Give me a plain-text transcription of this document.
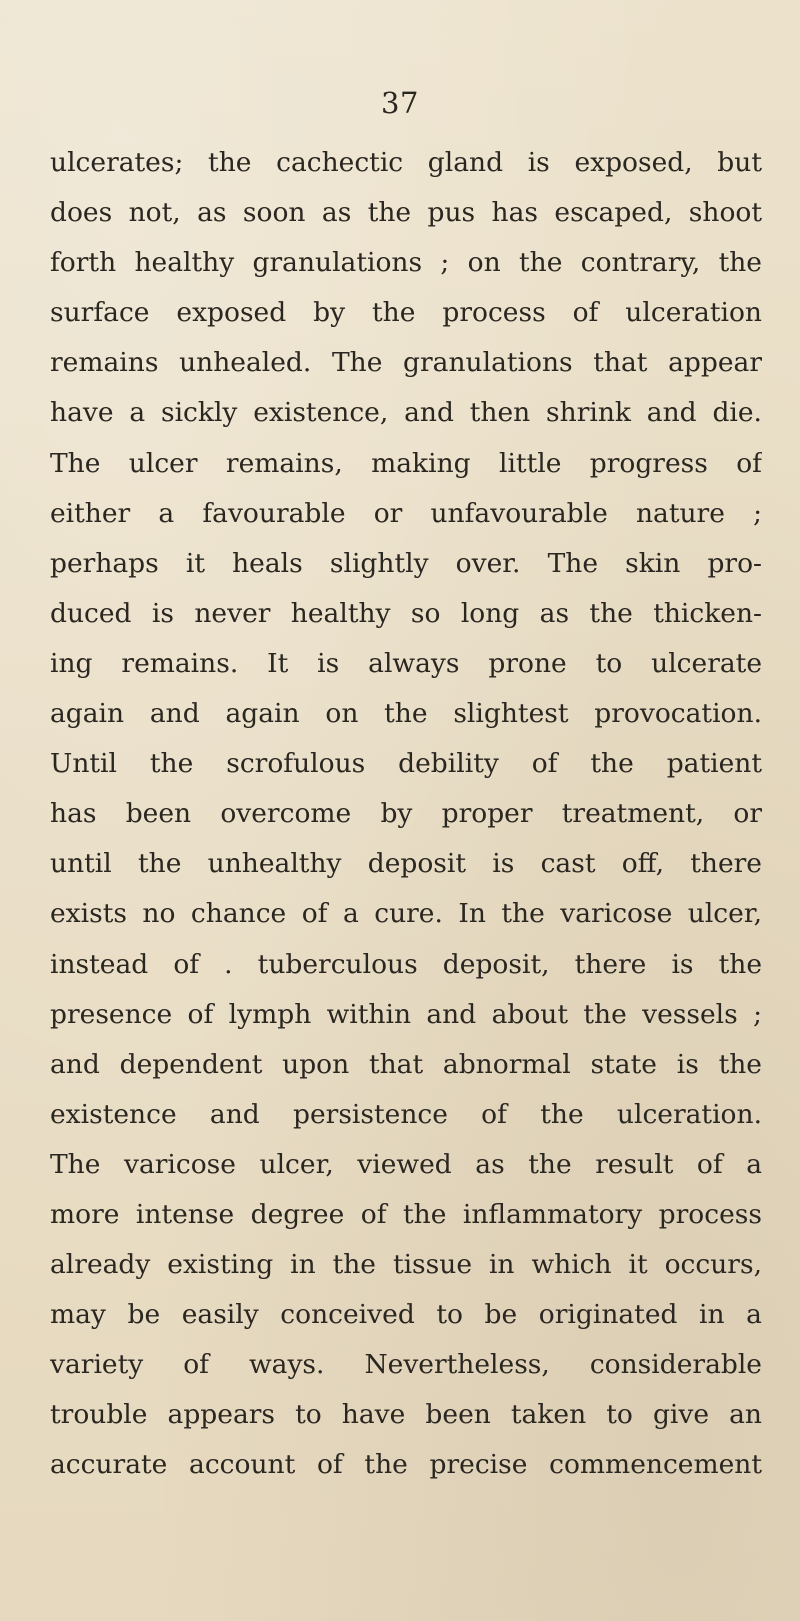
37
ulcerates; the cachectic gland is exposed, but
does not, as soon as the pus has escaped, shoot
forth healthy granulations ; on the contrary, the
surface exposed by the process of ulceration
remains unhealed. The granulations that appear
have a sickly existence, and then shrink and die.
The ulcer remains, making little progress of
either a favourable or unfavourable nature ;
perhaps it heals slightly over. The skin pro-
duced is never healthy so long as the thicken-
ing remains. It is always prone to ulcerate
again and again on the slightest provocation.
Until the scrofulous debility of the patient
has been overcome by proper treatment, or
until the unhealthy deposit is cast off, there
exists no chance of a cure. In the varicose ulcer,
instead of . tuberculous deposit, there is the
presence of lymph within and about the vessels ;
and dependent upon that abnormal state is the
existence and persistence of the ulceration.
The varicose ulcer, viewed as the result of a
more intense degree of the inflammatory process
already existing in the tissue in which it occurs,
may be easily conceived to be originated in a
variety of ways. Nevertheless, considerable
trouble appears to have been taken to give an
accurate account of the precise commencement
